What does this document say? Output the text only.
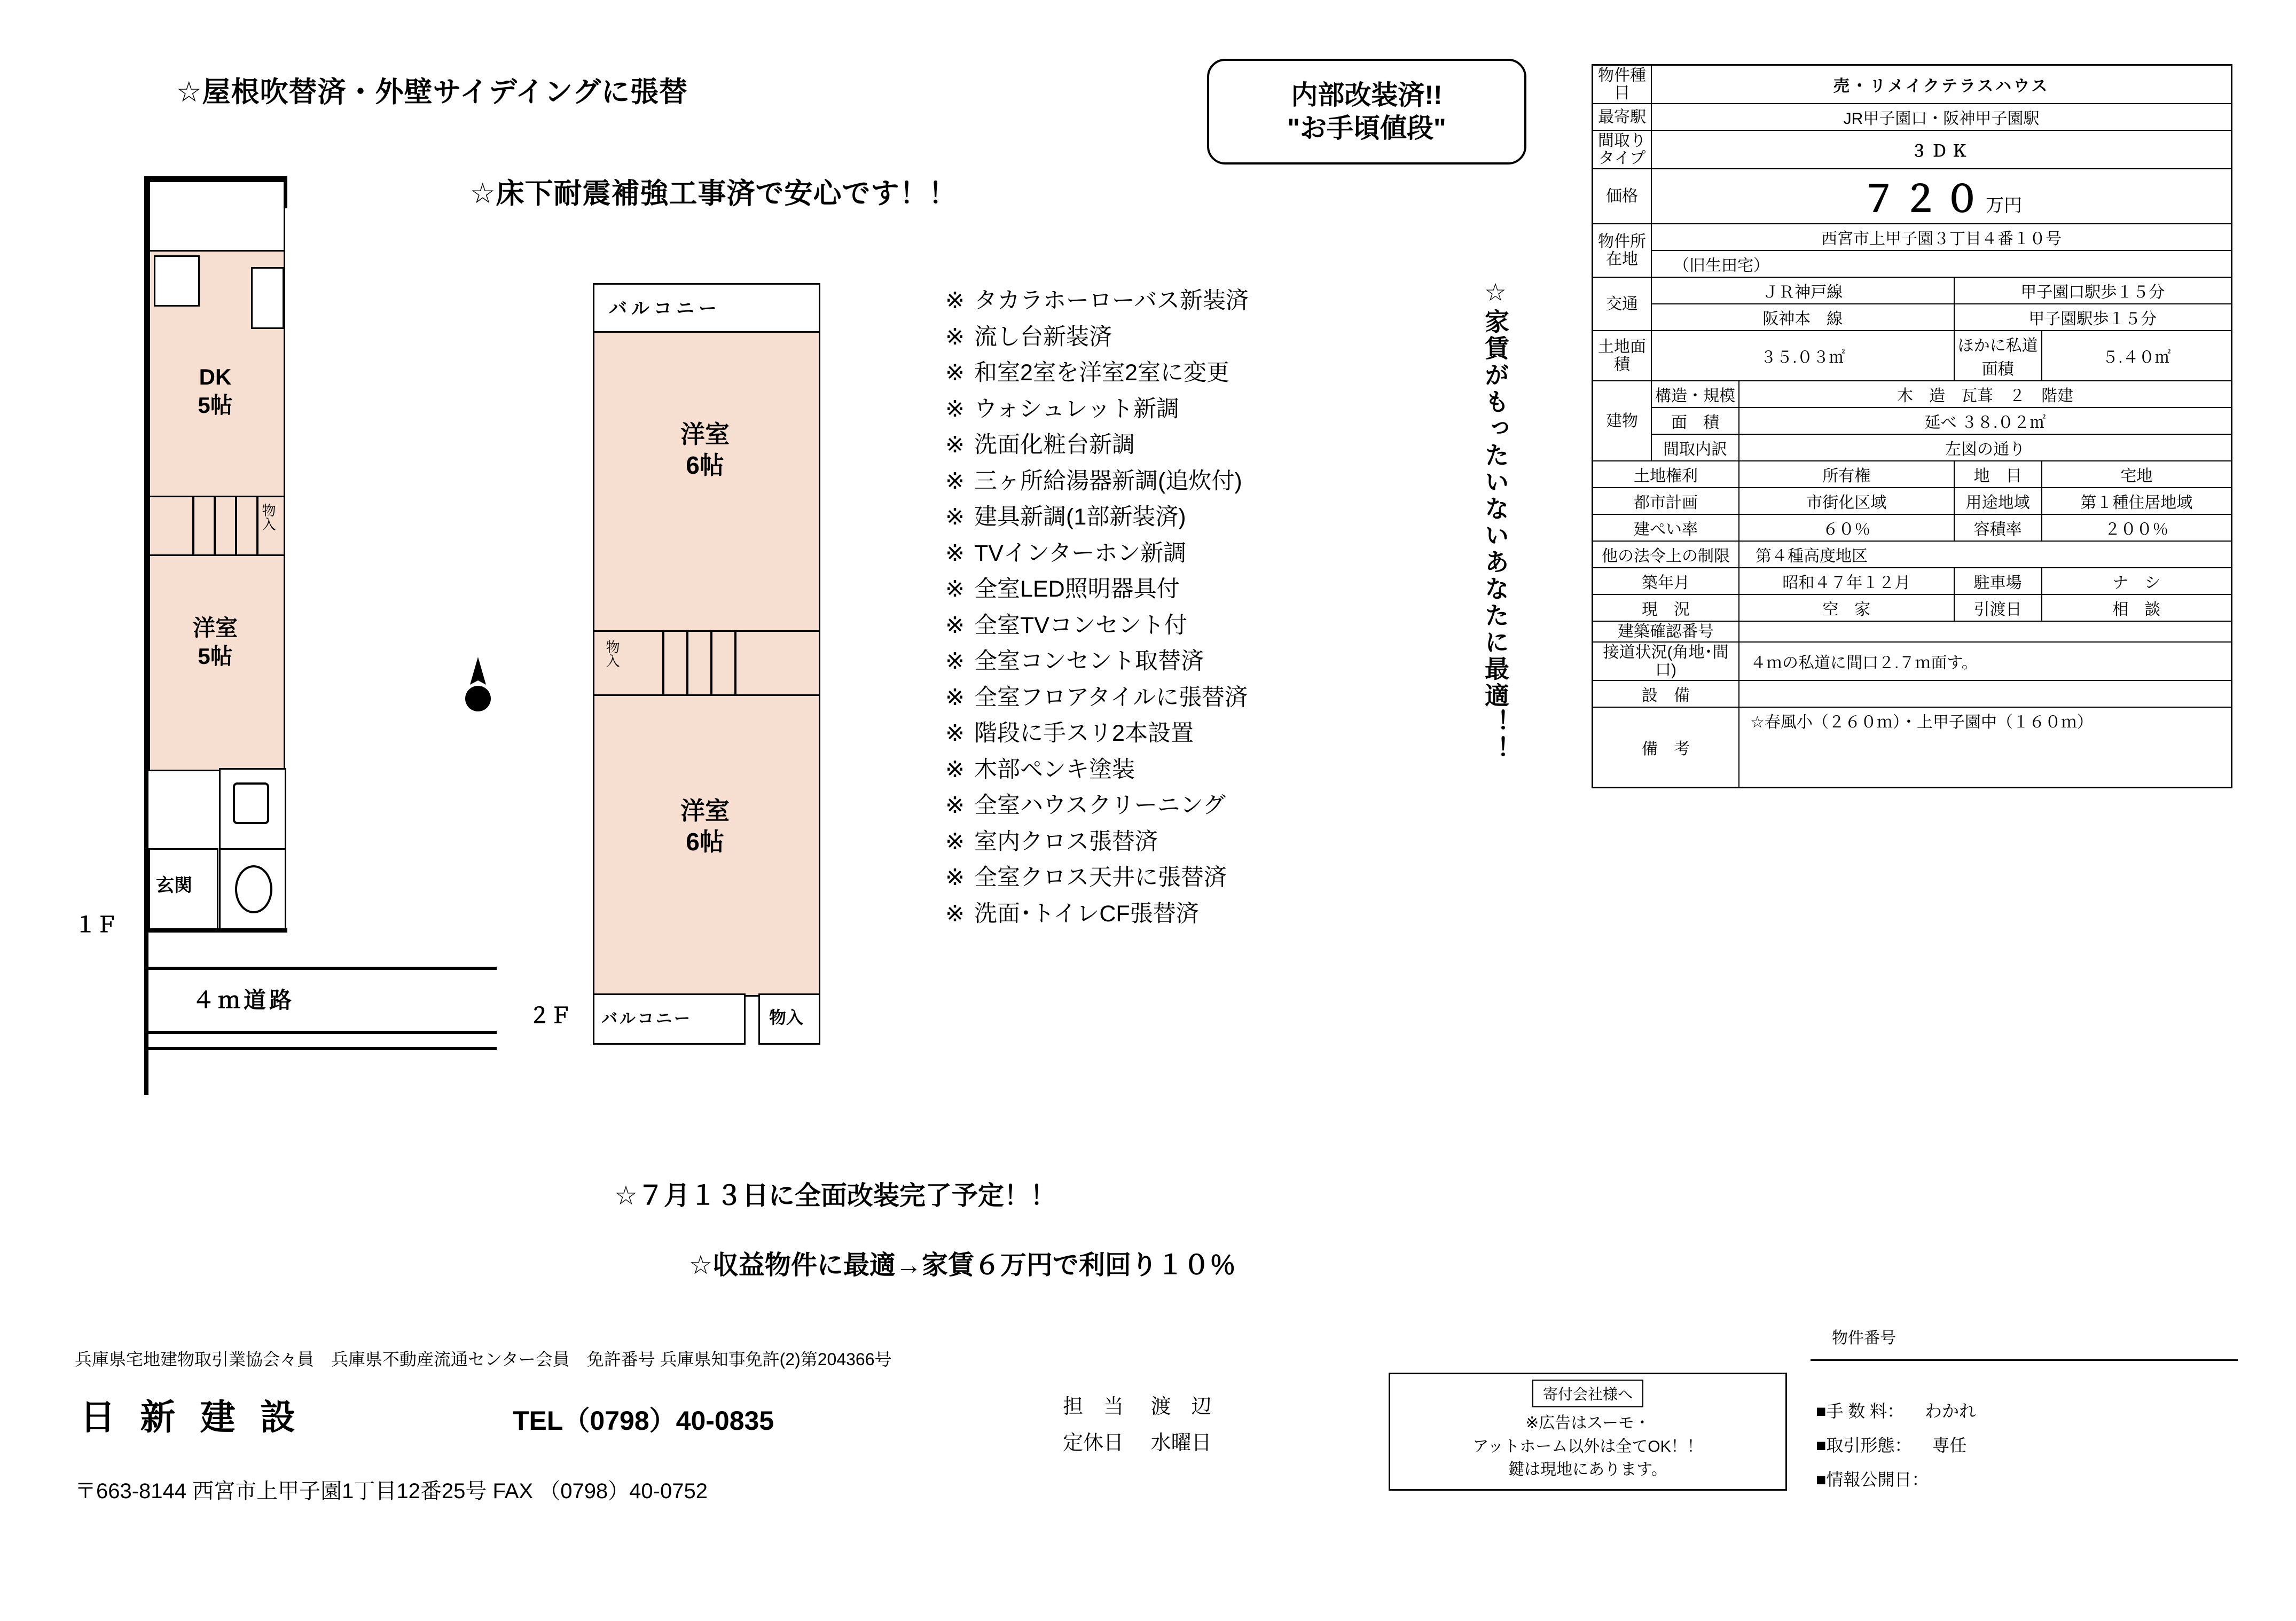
☆屋根吹替済・外壁サイデイングに張替
☆床下耐震補強工事済で安心です！！
内部改装済!!
"お手頃値段"
DK
5帖
物入
洋室
5帖
玄関
１Ｆ
４ｍ道路
バルコニー
洋室
6帖
物入
洋室
6帖
バルコニー	物入
２Ｆ
※ タカラホーローバス新装済
※ 流し台新装済
※ 和室2室を洋室2室に変更
※ ウォシュレット新調
※ 洗面化粧台新調
※ 三ヶ所給湯器新調(追炊付)
※ 建具新調(1部新装済)
※ TVインターホン新調
※ 全室LED照明器具付
※ 全室TVコンセント付
※ 全室コンセント取替済
※ 全室フロアタイルに張替済
※ 階段に手スリ2本設置
※ 木部ペンキ塗装
※ 全室ハウスクリーニング
※ 室内クロス張替済
※ 全室クロス天井に張替済
※ 洗面･トイレCF張替済
☆家賃がもったいないあなたに最適！！
☆７月１３日に全面改装完了予定！！
☆収益物件に最適→家賃６万円で利回り１０％
物件種目	売・リメイクテラスハウス			
最寄駅	JR甲子園口・阪神甲子園駅			
間取りタイプ	３ＤＫ			
価格	７２０万円			
物件所在地	西宮市上甲子園３丁目４番１０号			
	（旧生田宅）			
交通	ＪＲ神戸線		甲子園口駅歩１５分	
	阪神本　線		甲子園駅歩１５分	
土地面積	３５.０３㎡		ほかに私道面積	５.４０㎡
建物	構造・規模	木　造　瓦葺　２　階建		
	面　積	延べ ３８.０２㎡		
	間取内訳	左図の通り		
土地権利		所有権	地　目	宅地
都市計画		市街化区域	用途地域	第１種住居地域
建ぺい率		６０％	容積率	２００％
他の法令上の制限		第４種高度地区		
築年月		昭和４７年１２月	駐車場	ナ　シ
現　況		空　家	引渡日	相　談
建築確認番号				
接道状況(角地･間口)		４ｍの私道に間口２.７ｍ面す。		
設　備				
備　考		☆春風小（２６０ｍ）・上甲子園中（１６０ｍ）		
兵庫県宅地建物取引業協会々員　兵庫県不動産流通センター会員　免許番号 兵庫県知事免許(2)第204366号
日 新 建 設	TEL（0798）40-0835
〒663-8144 西宮市上甲子園1丁目12番25号 FAX （0798）40-0752
担　当 渡　辺
定休日 水曜日
寄付会社様へ
※広告はスーモ・
アットホーム以外は全てOK！！
鍵は現地にあります。
物件番号
■手 数 料： わかれ
■取引形態： 専任
■情報公開日：
